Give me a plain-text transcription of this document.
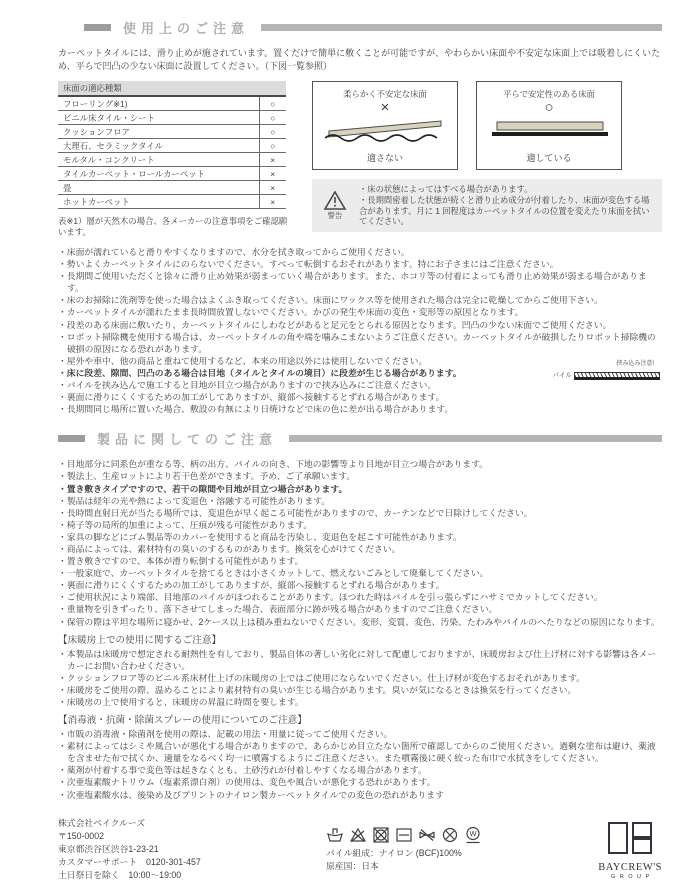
使用上のご注意

カーペットタイルには、滑り止めが施されています。置くだけで簡単に敷くことが可能ですが、やわらかい床面や不安定な床面上では吸着しにくいため、平らで凹凸の少ない床面に設置してください。（下図一覧参照）

床面の適応種類	
フローリング※1)	○
ビニル床タイル・シート	○
クッションフロア	○
大理石、セラミックタイル	○
モルタル・コンクリート	×
タイルカーペット・ロールカーペット	×
畳	×
ホットカーペット	×

表※1）層が天然木の場合、各メーカーの注意事項をご確認願います。

柔らかく不安定な床面
×
適さない
平らで安定性のある床面
○
適している
警告
・床の状態によってはすべる場合があります。
・長期間密着した状態が続くと滑り止め成分が付着したり、床面が変色する場合があります。月に 1 回程度はカーペットタイルの位置を変えたり床面を拭いてください。
挟み込み注意!
パイル
・床面が濡れていると滑りやすくなりますので、水分を拭き取ってからご使用ください。
・勢いよくカーペットタイルにのらないでください。すべって転倒するおそれがあります。特にお子さまにはご注意ください。
・長期間ご使用いただくと徐々に滑り止め効果が弱まっていく場合があります。また、ホコリ等の付着によっても滑り止め効果が弱まる場合があります。
・床のお掃除に洗剤等を使った場合はよくふき取ってください。床面にワックス等を使用された場合は完全に乾燥してからご使用下さい。
・カーペットタイルが濡れたまま長時間放置しないでください。かびの発生や床面の変色・変形等の原因となります。
・段差のある床面に敷いたり、カーペットタイルにしわなどがあると足元をとられる原因となります。凹凸の少ない床面でご使用ください。
・ロボット掃除機を使用する場合は、カーペットタイルの角や端を噛みこまないようご注意ください。カーペットタイルが破損したりロボット掃除機の破損の原因になる恐れがあります。
・屋外や車中、他の商品と重ねて使用するなど、本来の用途以外には使用しないでください。
・床に段差、隙間、凹凸のある場合は目地（タイルとタイルの境目）に段差が生じる場合があります。
・パイルを挟み込んで施工すると目地が目立つ場合がありますので挟み込みにご注意ください。
・裏面に滑りにくくするための加工がしてありますが、縦部へ接触するとずれる場合があります。
・長期間同じ場所に置いた場合、敷設の有無により日焼けなどで床の色に差が出る場合があります。
製品に関してのご注意
・目地部分に同系色が重なる等、柄の出方、パイルの向き、下地の影響等より目地が目立つ場合があります。
・製法上、生産ロットにより若干色差ができます。予め、ご了承願います。
・置き敷きタイプですので、若干の隙間や目地が目立つ場合があります。
・製品は経年の光や熱によって変退色・溶融する可能性があります。
・長時間直射日光が当たる場所では、変退色が早く起こる可能性がありますので、カーテンなどで日除けしてください。
・椅子等の局所的加重によって、圧痕が残る可能性があります。
・家具の脚などにゴム製品等のカバーを使用すると商品を汚染し、変退色を起こす可能性があります。
・商品によっては、素材特有の臭いのするものがあります。換気を心がけてください。
・置き敷きですので、本体が滑り転倒する可能性があります。
・一般家庭で、カーペットタイルを捨てるときは小さくカットして、燃えないごみとして廃棄してください。
・裏面に滑りにくくするための加工がしてありますが、縦部へ接触するとずれる場合があります。
・ご使用状況により端部、目地部のパイルがほつれることがあります。ほつれた時はパイルを引っ張らずにハサミでカットしてください。
・重量物を引きずったり、落下させてしまった場合、表面部分に跡が残る場合がありますのでご注意ください。
・保管の際は平坦な場所に寝かせ、2ケース以上は積み重ねないでください。変形、変質、変色、汚染、たわみやパイルのへたりなどの原因になります。
【床暖房上での使用に関するご注意】
・本製品は床暖房で想定される耐熱性を有しており、製品自体の著しい劣化に対して配慮しておりますが、床暖房および仕上げ材に対する影響は各メーカーにお問い合わせください。
・クッションフロア等のビニル系床材仕上げの床暖房の上ではご使用にならないでください。仕上げ材が変色するおそれがあります。
・床暖房をご使用の際、温めることにより素材特有の臭いが生じる場合があります。臭いが気になるときは換気を行ってください。
・床暖房の上で使用すると、床暖房の昇温に時間を要します。
【消毒液・抗菌・除菌スプレーの使用についてのご注意】
・市販の消毒液・除菌剤を使用の際は、記載の用法・用量に従ってご使用ください。
・素材によってはシミや風合いが悪化する場合がありますので、あらかじめ目立たない箇所で確認してからのご使用ください。過剰な塗布は避け、薬液を含ませた布で拭くか、適量をなるべく均一に噴霧するようにご注意ください。また噴霧後に硬く絞った布巾で水拭きをしてください。
・薬剤が付着する事で変色等は起きなくとも、土砂汚れが付着しやすくなる場合があります。
・次亜塩素酸ナトリウム（塩素系漂白剤）の使用は、変色や風合いが悪化する恐れがあります。
・次亜塩素酸水は、後染め及びプリントのナイロン製カーペットタイルでの変色の恐れがあります
株式会社ベイクルーズ
〒150-0002
東京都渋谷区渋谷1-23-21
カスタマーサポート　0120-301-457
土日祭日を除く　10:00～19:00
W
パイル組成：ナイロン (BCF)100%
原産国：日本	BAYCREW'S
GROUP
